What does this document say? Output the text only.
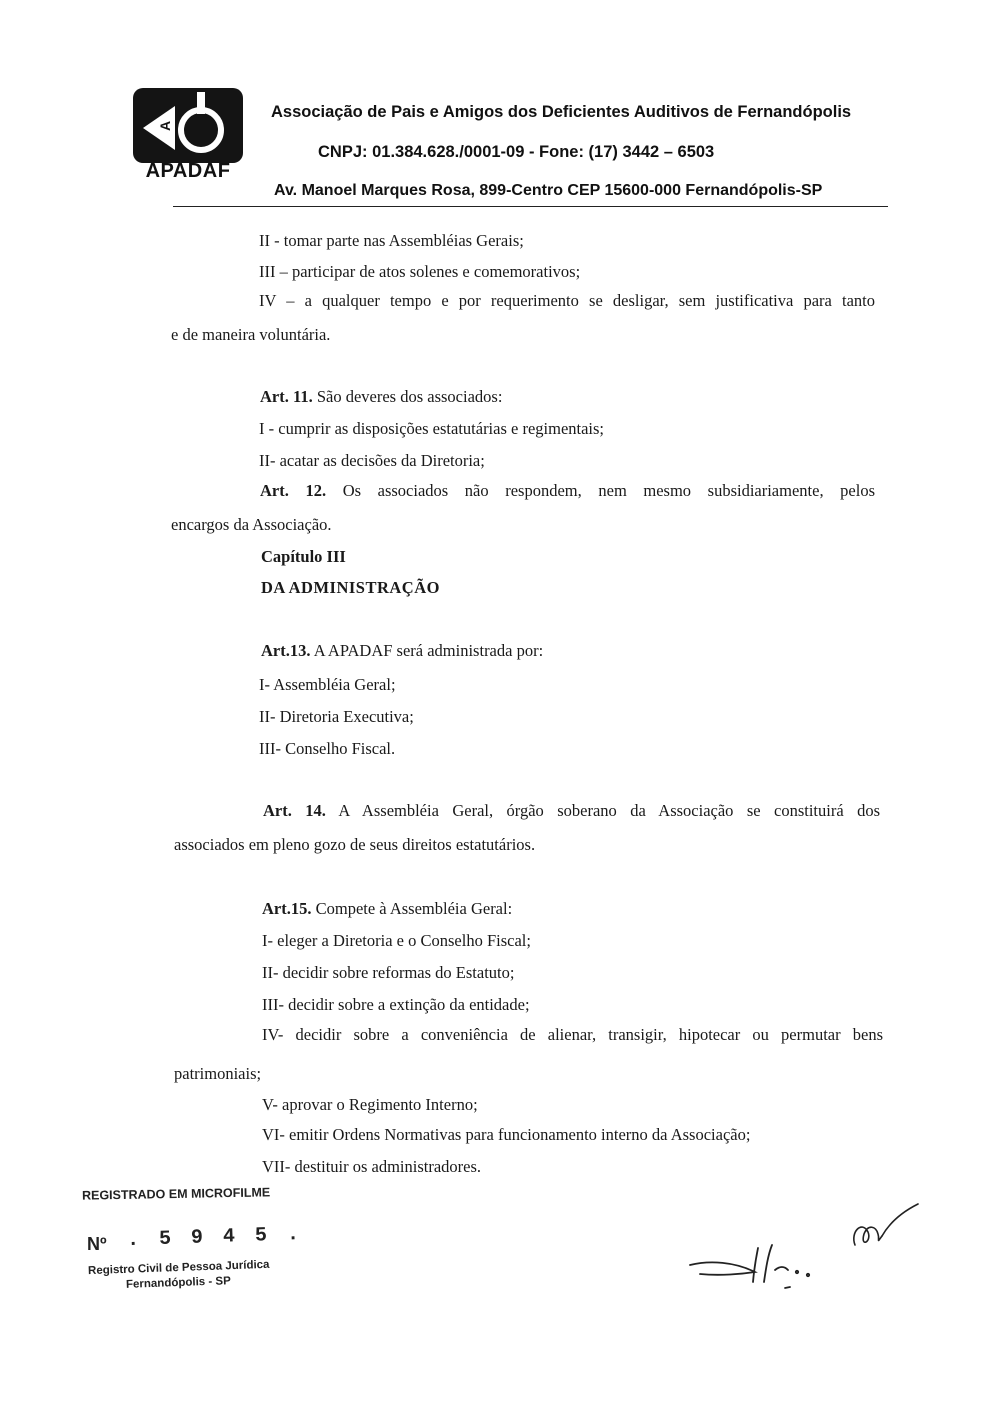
A
APADAF
Associação de Pais e Amigos dos Deficientes Auditivos de Fernandópolis
CNPJ: 01.384.628./0001-09 - Fone: (17) 3442 – 6503
Av. Manoel Marques Rosa, 899-Centro CEP 15600-000 Fernandópolis-SP
II - tomar parte nas Assembléias Gerais;
III – participar de atos solenes e comemorativos;
IV – a qualquer tempo e por requerimento se desligar, sem justificativa para tanto
e de maneira voluntária.
Art. 11. São deveres dos associados:
I - cumprir as disposições estatutárias e regimentais;
II- acatar as decisões da Diretoria;
Art. 12. Os associados não respondem, nem mesmo subsidiariamente, pelos
encargos da Associação.
Capítulo III
DA ADMINISTRAÇÃO
Art.13. A APADAF será administrada por:
I- Assembléia Geral;
II- Diretoria Executiva;
III- Conselho Fiscal.
Art. 14. A Assembléia Geral, órgão soberano da Associação se constituirá dos
associados em pleno gozo de seus direitos estatutários.
Art.15. Compete à Assembléia Geral:
I- eleger a Diretoria e o Conselho Fiscal;
II- decidir sobre reformas do Estatuto;
III- decidir sobre a extinção da entidade;
IV- decidir sobre a conveniência de alienar, transigir, hipotecar ou permutar bens
patrimoniais;
V- aprovar o Regimento Interno;
VI- emitir Ordens Normativas para funcionamento interno da Associação;
VII- destituir os administradores.
REGISTRADO EM MICROFILME
Nº . 5 9 4 5 .
Registro Civil de Pessoa Jurídica
Fernandópolis - SP
